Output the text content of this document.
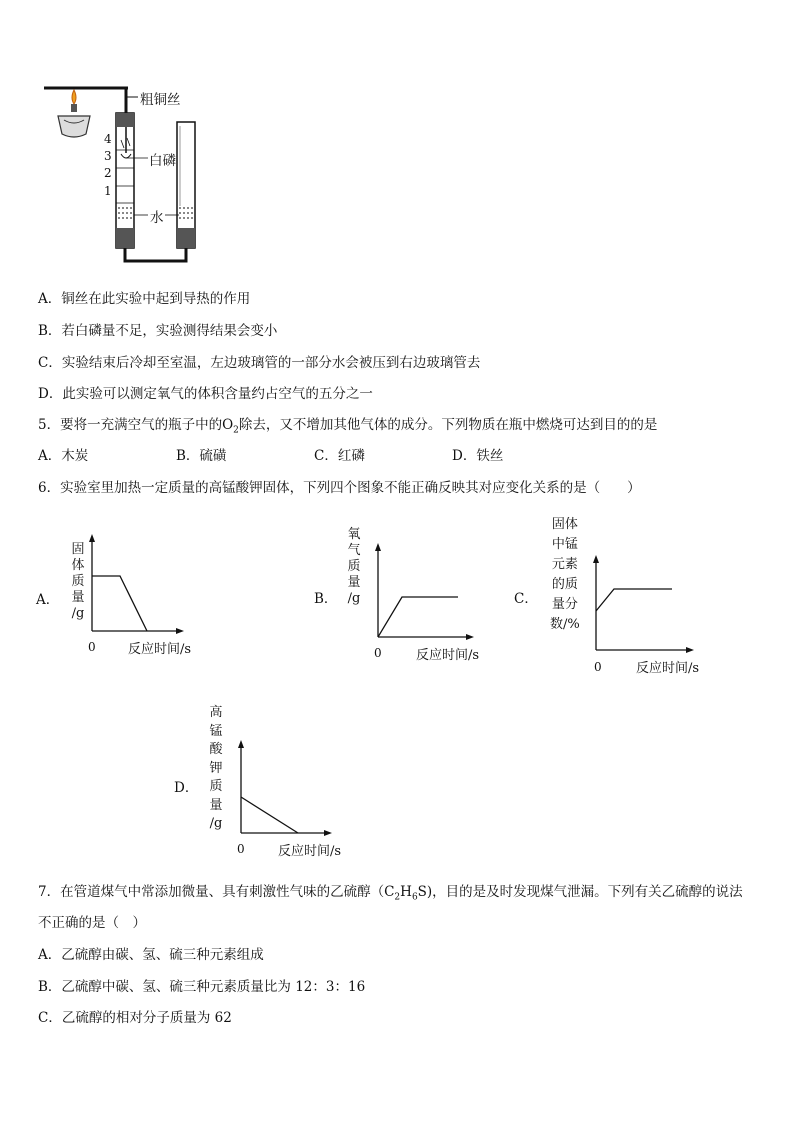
粗铜丝
白磷
水
4
3
2
1
A．铜丝在此实验中起到导热的作用
B．若白磷量不足，实验测得结果会变小
C．实验结束后冷却至室温，左边玻璃管的一部分水会被压到右边玻璃管去
D．此实验可以测定氧气的体积含量约占空气的五分之一
5．要将一充满空气的瓶子中的$O_2$除去，又不增加其他气体的成分。下列物质在瓶中燃烧可达到目的的是
A．木炭	B．硫磺	C．红磷	D．铁丝
6．实验室里加热一定质量的高锰酸钾固体，下列四个图象不能正确反映其对应变化关系的是（　　）
A．
固
体
质
量
/g
0 反应时间/s
B．
氧
气
质
量
/g
0	反应时间/s
C．
固体
中锰
元素
的质
量分
数/%
0	反应时间/s
D．
高
锰
酸
钾
质
量
/g
0	反应时间/s
7．在管道煤气中常添加微量、具有刺激性气味的乙硫醇$(C_2H_6S)$，目的是及时发现煤气泄漏。下列有关乙硫醇的说法
不正确的是（　）
A．乙硫醇由碳、氢、硫三种元素组成
B．乙硫醇中碳、氢、硫三种元素质量比为 12：3：16
C．乙硫醇的相对分子质量为 62
